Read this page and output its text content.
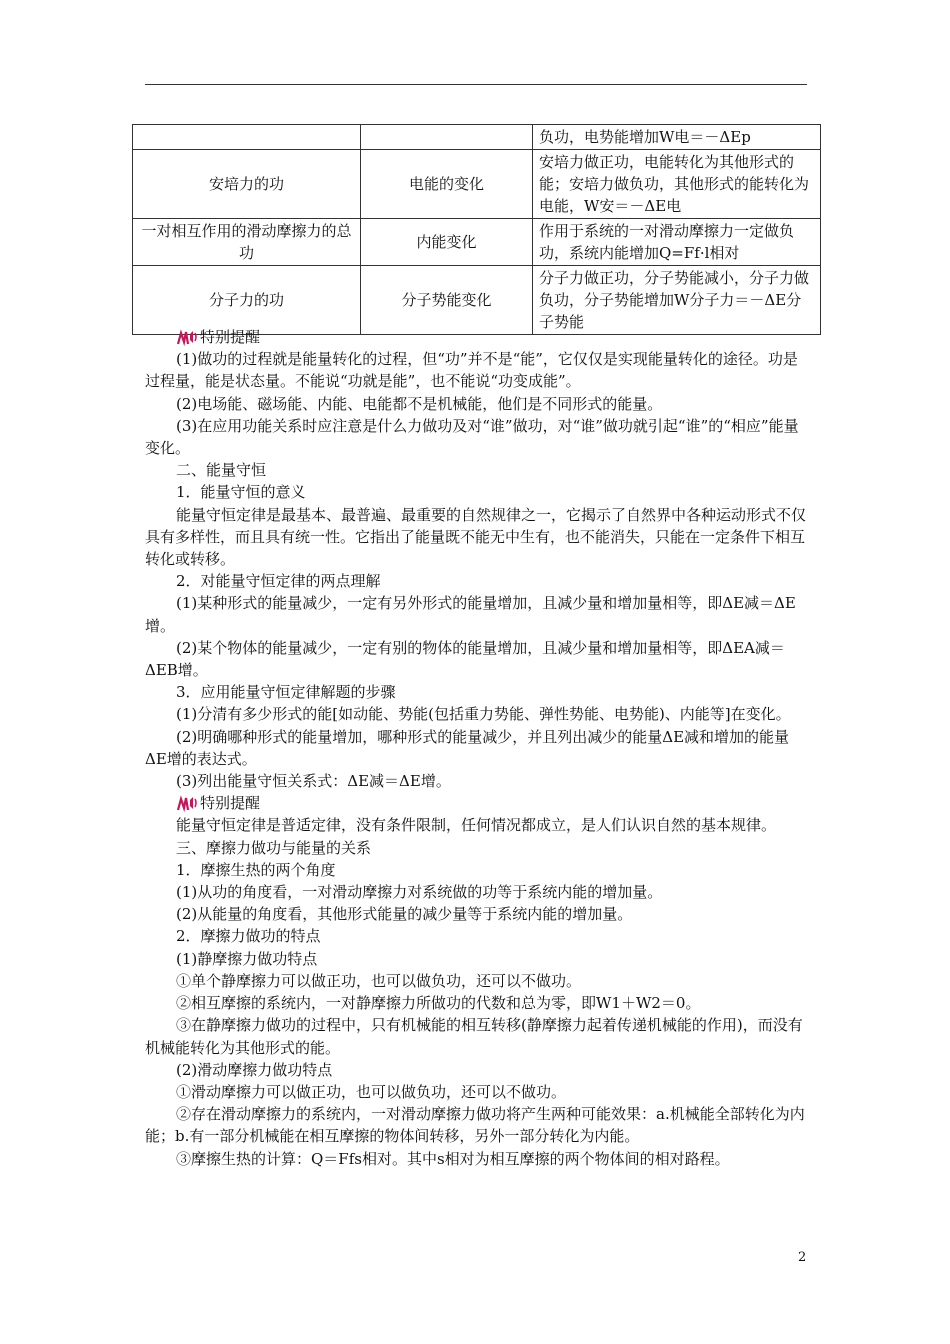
		负功，电势能增加W电＝－ΔEp
安培力的功	电能的变化	安培力做正功，电能转化为其他形式的能；安培力做负功，其他形式的能转化为电能，W安＝－ΔE电
一对相互作用的滑动摩擦力的总功	内能变化	作用于系统的一对滑动摩擦力一定做负功，系统内能增加Q=Ff·l相对
分子力的功	分子势能变化	分子力做正功，分子势能减小，分子力做负功，分子势能增加W分子力＝－ΔE分子势能
特别提醒

(1)做功的过程就是能量转化的过程，但“功”并不是“能”，它仅仅是实现能量转化的途径。功是过程量，能是状态量。不能说“功就是能”，也不能说“功变成能”。

(2)电场能、磁场能、内能、电能都不是机械能，他们是不同形式的能量。

(3)在应用功能关系时应注意是什么力做功及对“谁”做功，对“谁”做功就引起“谁”的“相应”能量变化。

二、能量守恒

1．能量守恒的意义

能量守恒定律是最基本、最普遍、最重要的自然规律之一，它揭示了自然界中各种运动形式不仅具有多样性，而且具有统一性。它指出了能量既不能无中生有，也不能消失，只能在一定条件下相互转化或转移。

2．对能量守恒定律的两点理解

(1)某种形式的能量减少，一定有另外形式的能量增加，且减少量和增加量相等，即ΔE减＝ΔE增。

(2)某个物体的能量减少，一定有别的物体的能量增加，且减少量和增加量相等，即ΔEA减＝ΔEB增。

3．应用能量守恒定律解题的步骤

(1)分清有多少形式的能[如动能、势能(包括重力势能、弹性势能、电势能)、内能等]在变化。

(2)明确哪种形式的能量增加，哪种形式的能量减少，并且列出减少的能量ΔE减和增加的能量ΔE增的表达式。

(3)列出能量守恒关系式：ΔE减＝ΔE增。

特别提醒

能量守恒定律是普适定律，没有条件限制，任何情况都成立，是人们认识自然的基本规律。

三、摩擦力做功与能量的关系

1．摩擦生热的两个角度

(1)从功的角度看，一对滑动摩擦力对系统做的功等于系统内能的增加量。

(2)从能量的角度看，其他形式能量的减少量等于系统内能的增加量。

2．摩擦力做功的特点

(1)静摩擦力做功特点

①单个静摩擦力可以做正功，也可以做负功，还可以不做功。

②相互摩擦的系统内，一对静摩擦力所做功的代数和总为零，即W1＋W2＝0。

③在静摩擦力做功的过程中，只有机械能的相互转移(静摩擦力起着传递机械能的作用)，而没有机械能转化为其他形式的能。

(2)滑动摩擦力做功特点

①滑动摩擦力可以做正功，也可以做负功，还可以不做功。

②存在滑动摩擦力的系统内，一对滑动摩擦力做功将产生两种可能效果：a.机械能全部转化为内能；b.有一部分机械能在相互摩擦的物体间转移，另外一部分转化为内能。

③摩擦生热的计算：Q＝Ffs相对。其中s相对为相互摩擦的两个物体间的相对路程。

2
